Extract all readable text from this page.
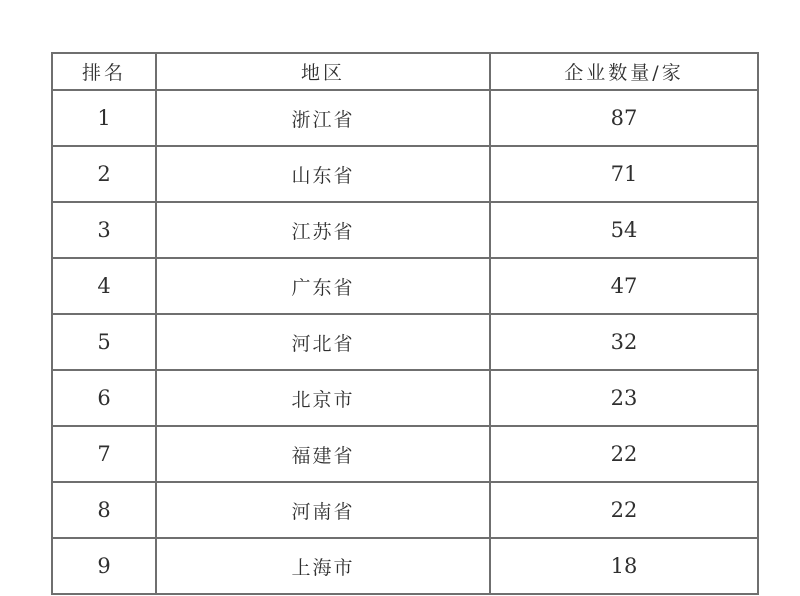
排名	地区	企业数量/家
1	浙江省	87
2	山东省	71
3	江苏省	54
4	广东省	47
5	河北省	32
6	北京市	23
7	福建省	22
8	河南省	22
9	上海市	18
